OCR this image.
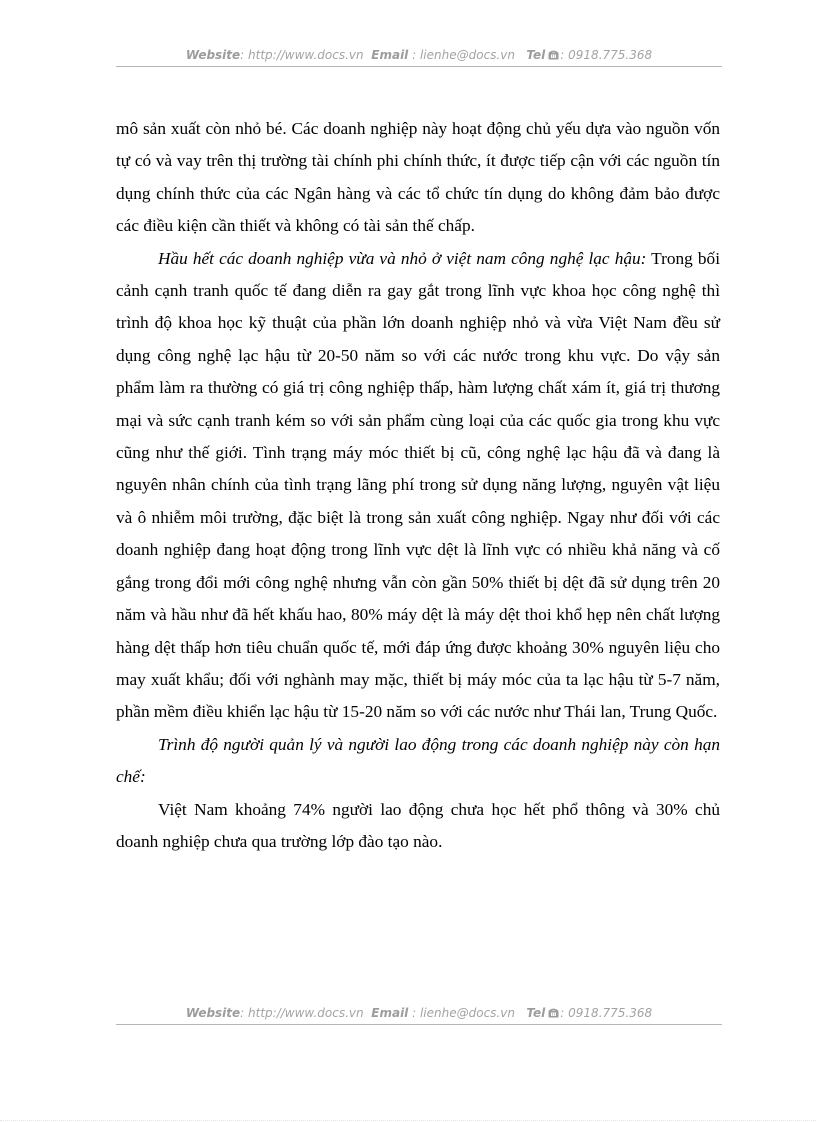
Website: http://www.docs.vn Email : lienhe@docs.vn Tel : 0918.775.368

mô sản xuất còn nhỏ bé. Các doanh nghiệp này hoạt động chủ yếu dựa vào nguồn vốn tự có và vay trên thị trường tài chính phi chính thức, ít được tiếp cận với các nguồn tín dụng chính thức của các Ngân hàng và các tổ chức tín dụng do không đảm bảo được các điều kiện cần thiết và không có tài sản thế chấp.

Hầu hết các doanh nghiệp vừa và nhỏ ở việt nam công nghệ lạc hậu: Trong bối cảnh cạnh tranh quốc tế đang diễn ra gay gắt trong lĩnh vực khoa học công nghệ thì trình độ khoa học kỹ thuật của phần lớn doanh nghiệp nhỏ và vừa Việt Nam đều sử dụng công nghệ lạc hậu từ 20-50 năm so với các nước trong khu vực. Do vậy sản phẩm làm ra thường có giá trị công nghiệp thấp, hàm lượng chất xám ít, giá trị thương mại và sức cạnh tranh kém so với sản phẩm cùng loại của các quốc gia trong khu vực cũng như thế giới. Tình trạng máy móc thiết bị cũ, công nghệ lạc hậu đã và đang là nguyên nhân chính của tình trạng lãng phí trong sử dụng năng lượng, nguyên vật liệu và ô nhiễm môi trường, đặc biệt là trong sản xuất công nghiệp. Ngay như đối với các doanh nghiệp đang hoạt động trong lĩnh vực dệt là lĩnh vực có nhiều khả năng và cố gắng trong đổi mới công nghệ nhưng vẫn còn gần 50% thiết bị dệt đã sử dụng trên 20 năm và hầu như đã hết khấu hao, 80% máy dệt là máy dệt thoi khổ hẹp nên chất lượng hàng dệt thấp hơn tiêu chuẩn quốc tế, mới đáp ứng được khoảng 30% nguyên liệu cho may xuất khẩu; đối với nghành may mặc, thiết bị máy móc của ta lạc hậu từ 5-7 năm, phần mềm điều khiển lạc hậu từ 15-20 năm so với các nước như Thái lan, Trung Quốc.

Trình độ người quản lý và người lao động trong các doanh nghiệp này còn hạn chế:

Việt Nam khoảng 74% người lao động chưa học hết phổ thông và 30% chủ doanh nghiệp chưa qua trường lớp đào tạo nào.

Website: http://www.docs.vn Email : lienhe@docs.vn Tel : 0918.775.368
